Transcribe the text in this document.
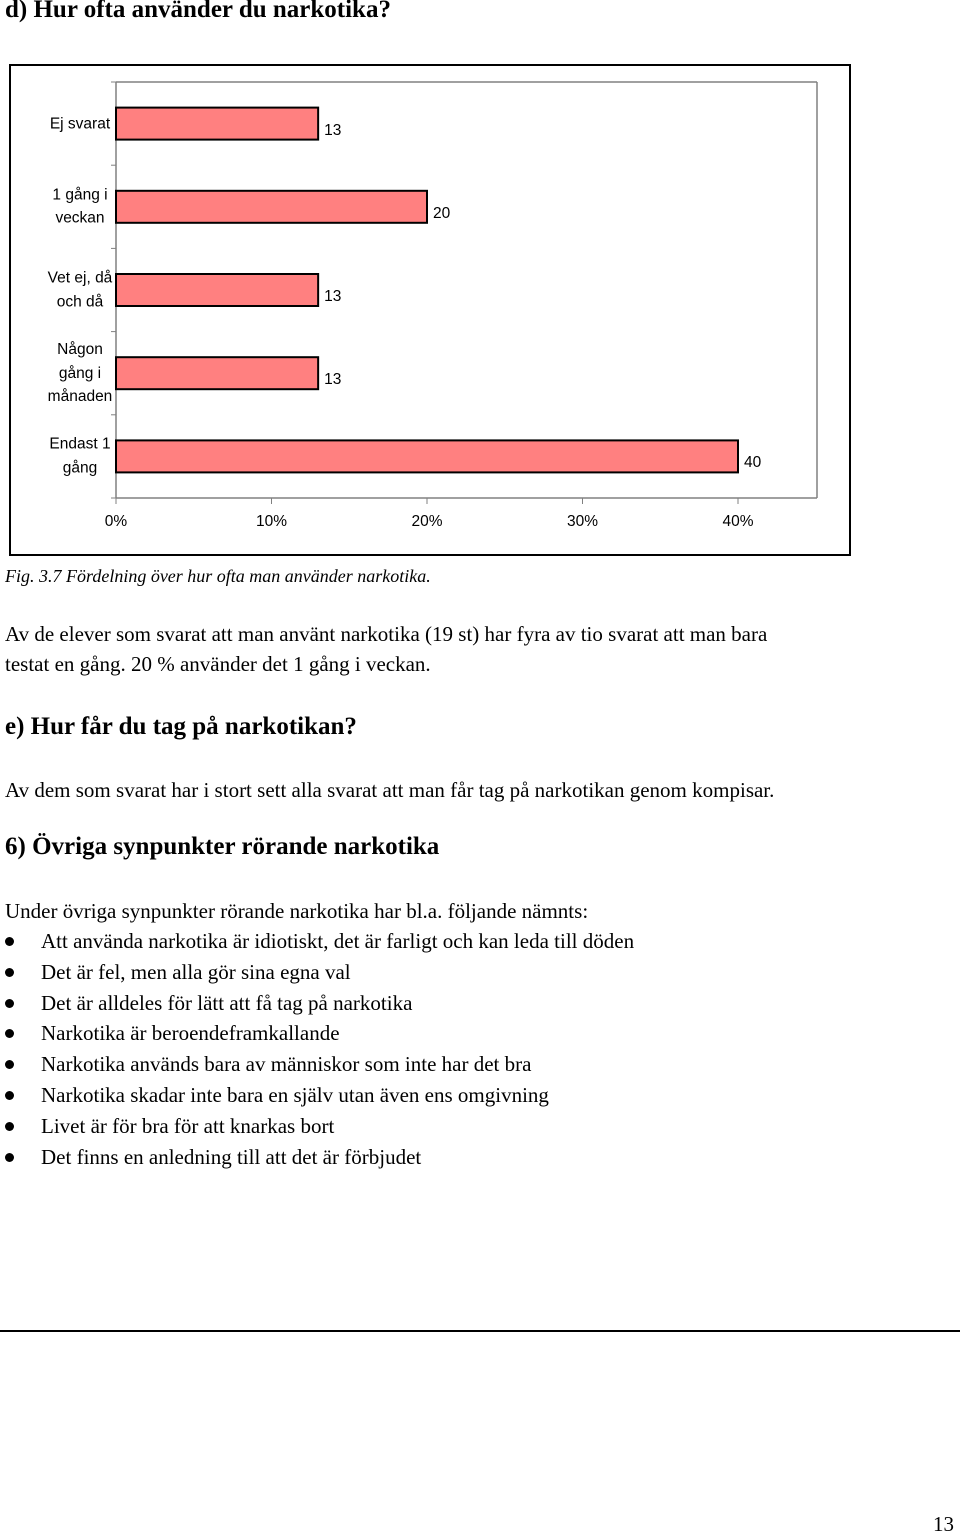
d) Hur ofta använder du narkotika?
13
Ej svarat
20
1 gång i
veckan
13
Vet ej, då
och då
13
Någon
gång i
månaden
40
Endast 1
gång
0%	10%	20%	30%	40%
Fig. 3.7 Fördelning över hur ofta man använder narkotika.
Av de elever som svarat att man använt narkotika (19 st) har fyra av tio svarat att man bara
testat en gång. 20 % använder det 1 gång i veckan.
e) Hur får du tag på narkotikan?
Av dem som svarat har i stort sett alla svarat att man får tag på narkotikan genom kompisar.
6) Övriga synpunkter rörande narkotika
Under övriga synpunkter rörande narkotika har bl.a. följande nämnts:
Att använda narkotika är idiotiskt, det är farligt och kan leda till döden
Det är fel, men alla gör sina egna val
Det är alldeles för lätt att få tag på narkotika
Narkotika är beroendeframkallande
Narkotika används bara av människor som inte har det bra
Narkotika skadar inte bara en själv utan även ens omgivning
Livet är för bra för att knarkas bort
Det finns en anledning till att det är förbjudet
13
